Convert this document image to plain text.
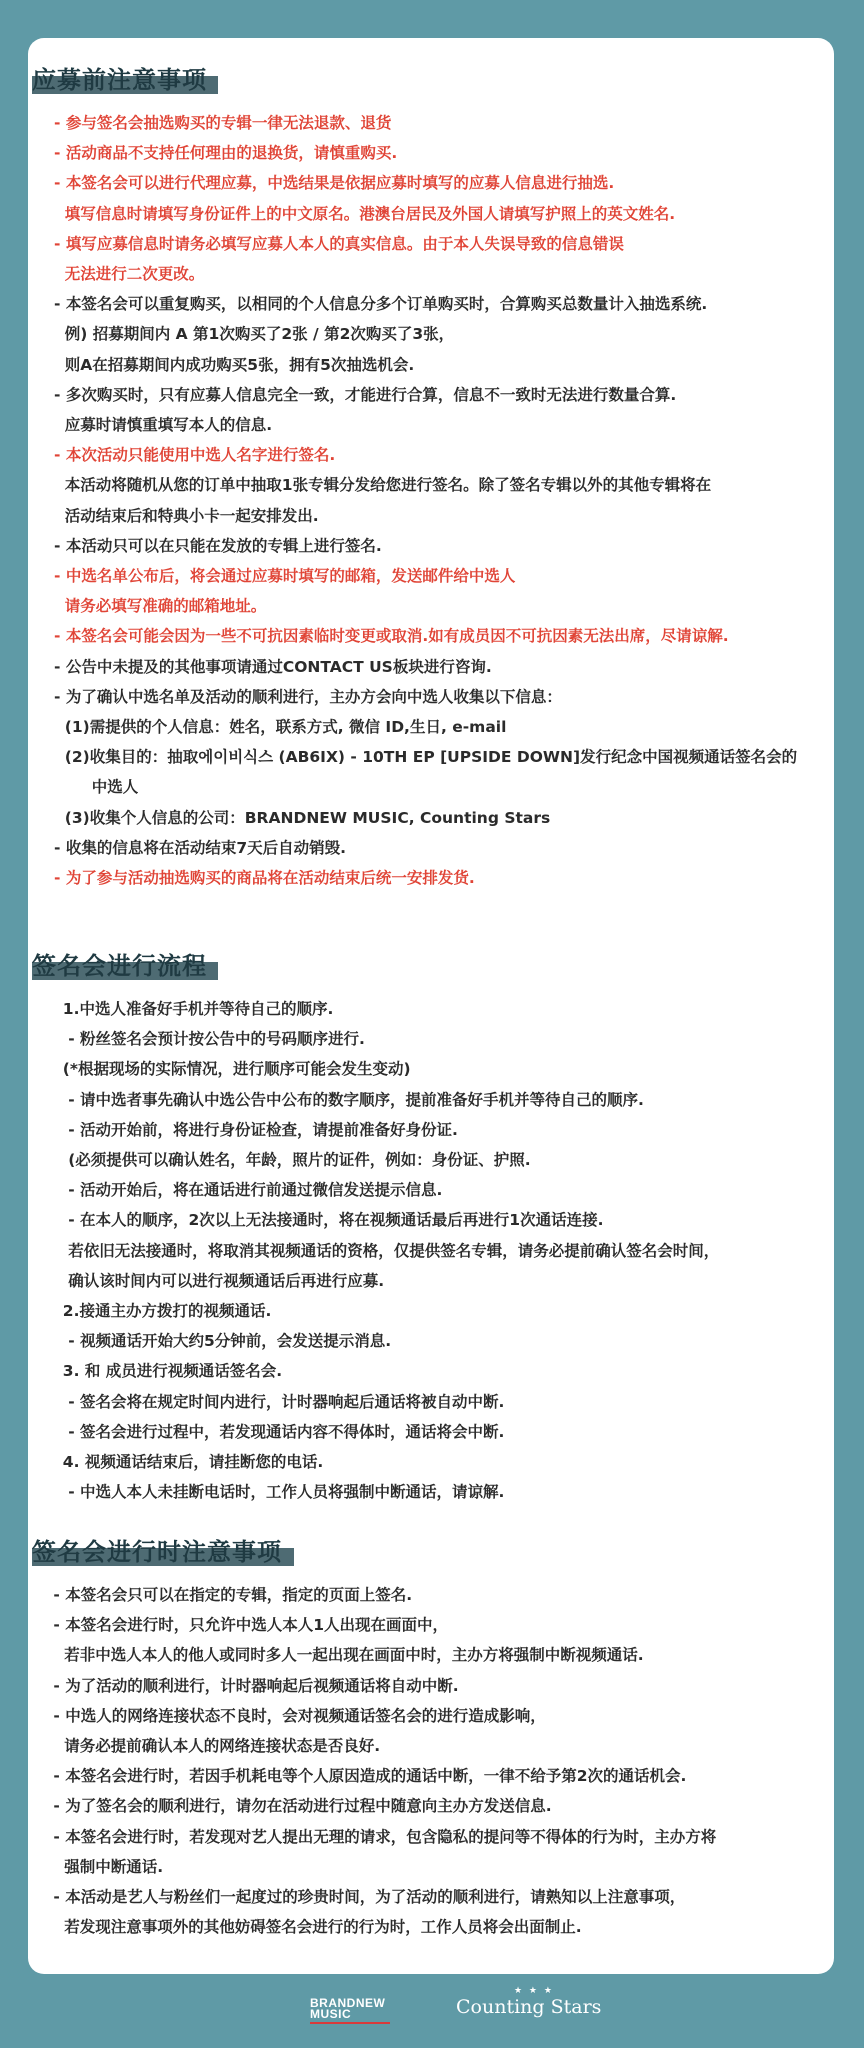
应募前注意事项
- 参与签名会抽选购买的专辑一律无法退款、退货
- 活动商品不支持任何理由的退换货，请慎重购买.
- 本签名会可以进行代理应募，中选结果是依据应募时填写的应募人信息进行抽选.
填写信息时请填写身份证件上的中文原名。港澳台居民及外国人请填写护照上的英文姓名.
- 填写应募信息时请务必填写应募人本人的真实信息。由于本人失误导致的信息错误
无法进行二次更改。
- 本签名会可以重复购买，以相同的个人信息分多个订单购买时，合算购买总数量计入抽选系统.
例) 招募期间内 A 第1次购买了2张 / 第2次购买了3张，
则A在招募期间内成功购买5张，拥有5次抽选机会.
- 多次购买时，只有应募人信息完全一致，才能进行合算，信息不一致时无法进行数量合算.
应募时请慎重填写本人的信息.
- 本次活动只能使用中选人名字进行签名.
本活动将随机从您的订单中抽取1张专辑分发给您进行签名。除了签名专辑以外的其他专辑将在
活动结束后和特典小卡一起安排发出.
- 本活动只可以在只能在发放的专辑上进行签名.
- 中选名单公布后，将会通过应募时填写的邮箱，发送邮件给中选人
请务必填写准确的邮箱地址。
- 本签名会可能会因为一些不可抗因素临时变更或取消.如有成员因不可抗因素无法出席，尽请谅解.
- 公告中未提及的其他事项请通过CONTACT US板块进行咨询.
- 为了确认中选名单及活动的顺利进行，主办方会向中选人收集以下信息：
(1)需提供的个人信息：姓名，联系方式, 微信 ID,生日, e-mail
(2)收集目的：抽取에이비식스 (AB6IX) - 10TH EP [UPSIDE DOWN]发行纪念中国视频通话签名会的
中选人
(3)收集个人信息的公司：BRANDNEW MUSIC, Counting Stars
- 收集的信息将在活动结束7天后自动销毁.
- 为了参与活动抽选购买的商品将在活动结束后统一安排发货.
签名会进行流程
1.中选人准备好手机并等待自己的顺序.
- 粉丝签名会预计按公告中的号码顺序进行.
(*根据现场的实际情况，进行顺序可能会发生变动)
- 请中选者事先确认中选公告中公布的数字顺序，提前准备好手机并等待自己的顺序.
- 活动开始前，将进行身份证检查，请提前准备好身份证.
(必须提供可以确认姓名，年龄，照片的证件，例如：身份证、护照.
- 活动开始后，将在通话进行前通过微信发送提示信息.
- 在本人的顺序，2次以上无法接通时，将在视频通话最后再进行1次通话连接.
若依旧无法接通时，将取消其视频通话的资格，仅提供签名专辑，请务必提前确认签名会时间，
确认该时间内可以进行视频通话后再进行应募.
2.接通主办方拨打的视频通话.
- 视频通话开始大约5分钟前，会发送提示消息.
3. 和 成员进行视频通话签名会.
- 签名会将在规定时间内进行，计时器响起后通话将被自动中断.
- 签名会进行过程中，若发现通话内容不得体时，通话将会中断.
4. 视频通话结束后，请挂断您的电话.
- 中选人本人未挂断电话时，工作人员将强制中断通话，请谅解.
签名会进行时注意事项
- 本签名会只可以在指定的专辑，指定的页面上签名.
- 本签名会进行时，只允许中选人本人1人出现在画面中，
若非中选人本人的他人或同时多人一起出现在画面中时，主办方将强制中断视频通话.
- 为了活动的顺利进行，计时器响起后视频通话将自动中断.
- 中选人的网络连接状态不良时，会对视频通话签名会的进行造成影响，
请务必提前确认本人的网络连接状态是否良好.
- 本签名会进行时，若因手机耗电等个人原因造成的通话中断，一律不给予第2次的通话机会.
- 为了签名会的顺利进行，请勿在活动进行过程中随意向主办方发送信息.
- 本签名会进行时，若发现对艺人提出无理的请求，包含隐私的提问等不得体的行为时，主办方将
强制中断通话.
- 本活动是艺人与粉丝们一起度过的珍贵时间，为了活动的顺利进行，请熟知以上注意事项，
若发现注意事项外的其他妨碍签名会进行的行为时，工作人员将会出面制止.
BRANDNEW
MUSIC
★ ★ ★
Counting Stars
